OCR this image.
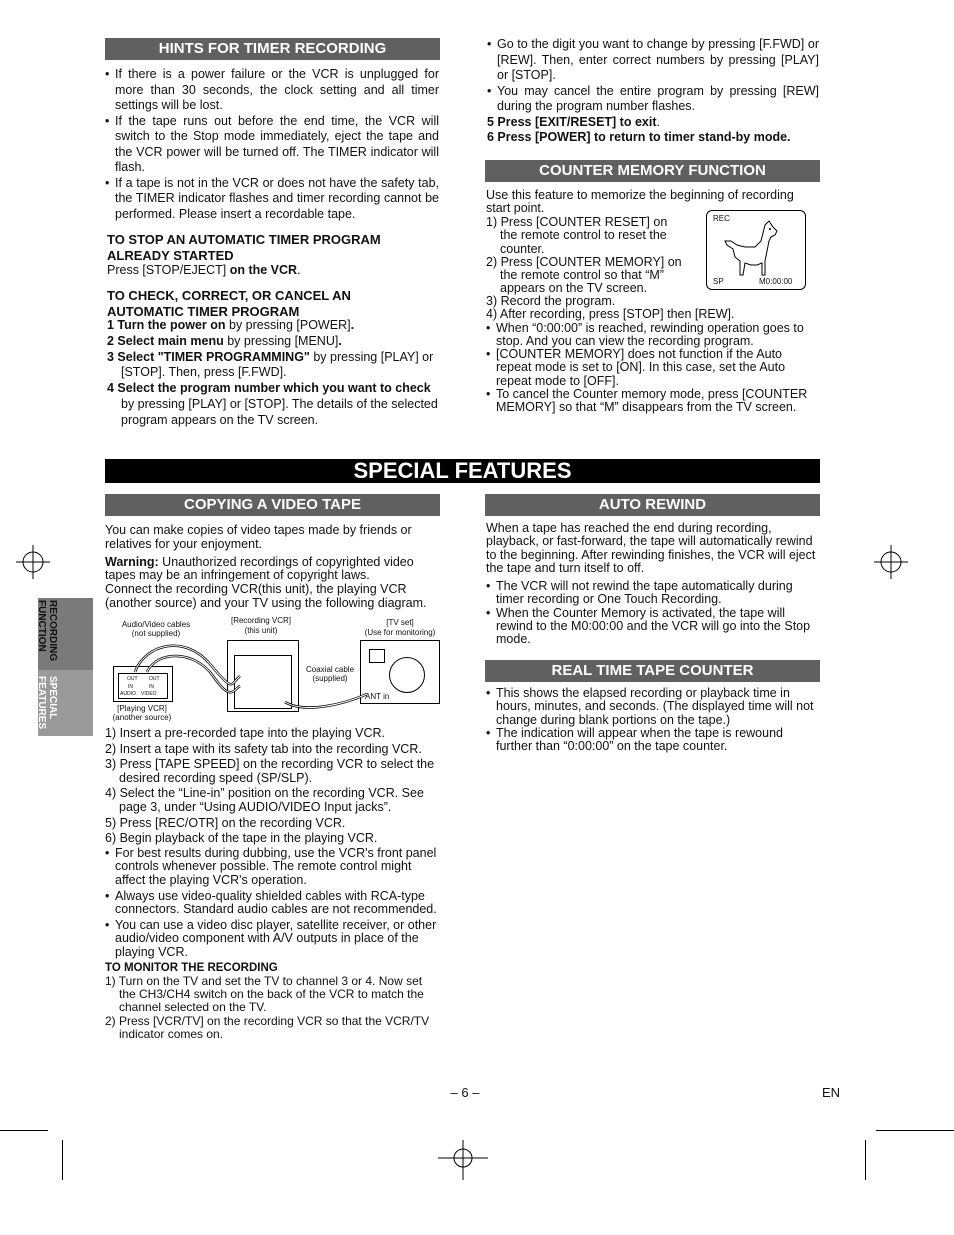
HINTS FOR TIMER RECORDING
• If there is a power failure or the VCR is unplugged for more than 30 seconds, the clock setting and all timer settings will be lost.
• If the tape runs out before the end time, the VCR will switch to the Stop mode immediately, eject the tape and the VCR power will be turned off. The TIMER indicator will flash.
• If a tape is not in the VCR or does not have the safety tab, the TIMER indicator flashes and timer recording cannot be performed. Please insert a recordable tape.
TO STOP AN AUTOMATIC TIMER PROGRAM ALREADY STARTED
Press [STOP/EJECT] on the VCR.
TO CHECK, CORRECT, OR CANCEL AN AUTOMATIC TIMER PROGRAM
1 Turn the power on by pressing [POWER].
2 Select main menu by pressing [MENU].
3 Select "TIMER PROGRAMMING" by pressing [PLAY] or [STOP]. Then, press [F.FWD].
4 Select the program number which you want to check by pressing [PLAY] or [STOP]. The details of the selected program appears on the TV screen.
• Go to the digit you want to change by pressing [F.FWD] or [REW]. Then, enter correct numbers by pressing [PLAY] or [STOP].
• You may cancel the entire program by pressing [REW] during the program number flashes.

5 Press [EXIT/RESET] to exit.

6 Press [POWER] to return to timer stand-by mode.

COUNTER MEMORY FUNCTION
Use this feature to memorize the beginning of recording start point.
1) Press [COUNTER RESET] on the remote control to reset the counter.
2) Press [COUNTER MEMORY] on the remote control so that “M” appears on the TV screen.
3) Record the program.
4) After recording, press [STOP] then [REW].
• When “0:00:00” is reached, rewinding operation goes to stop. And you can view the recording program.
• [COUNTER MEMORY] does not function if the Auto repeat mode is set to [ON]. In this case, set the Auto repeat mode to [OFF].
• To cancel the Counter memory mode, press [COUNTER MEMORY] so that “M” disappears from the TV screen.
REC
SP	M0:00:00
SPECIAL FEATURES
RECORDING FUNCTION
SPECIAL FEATURES
COPYING A VIDEO TAPE

You can make copies of video tapes made by friends or relatives for your enjoyment.

Warning: Unauthorized recordings of copyrighted video tapes may be an infringement of copyright laws.

Connect the recording VCR(this unit), the playing VCR (another source) and your TV using the following diagram.

Audio/Video cables
(not supplied)
[Recording VCR]
(this unit)
[TV set]
(Use for monitoring)
Coaxial cable
(supplied)
ANT in
[Playing VCR]
(another source)
OUT OUT
IN	IN
AUDIO VIDEO
1) Insert a pre-recorded tape into the playing VCR.
2) Insert a tape with its safety tab into the recording VCR.
3) Press [TAPE SPEED] on the recording VCR to select the desired recording speed (SP/SLP).
4) Select the “Line-in” position on the recording VCR. See page 3, under “Using AUDIO/VIDEO Input jacks”.
5) Press [REC/OTR] on the recording VCR.
6) Begin playback of the tape in the playing VCR.
• For best results during dubbing, use the VCR's front panel controls whenever possible. The remote control might affect the playing VCR's operation.
• Always use video-quality shielded cables with RCA-type connectors. Standard audio cables are not recommended.
• You can use a video disc player, satellite receiver, or other audio/video component with A/V outputs in place of the playing VCR.
TO MONITOR THE RECORDING
1) Turn on the TV and set the TV to channel 3 or 4. Now set the CH3/CH4 switch on the back of the VCR to match the channel selected on the TV.
2) Press [VCR/TV] on the recording VCR so that the VCR/TV indicator comes on.
AUTO REWIND

When a tape has reached the end during recording, playback, or fast-forward, the tape will automatically rewind to the beginning. After rewinding finishes, the VCR will eject the tape and turn itself to off.

• The VCR will not rewind the tape automatically during timer recording or One Touch Recording.
• When the Counter Memory is activated, the tape will rewind to the M0:00:00 and the VCR will go into the Stop mode.
REAL TIME TAPE COUNTER
• This shows the elapsed recording or playback time in hours, minutes, and seconds. (The displayed time will not change during blank portions on the tape.)
• The indication will appear when the tape is rewound further than “0:00:00” on the tape counter.
– 6 –	EN
